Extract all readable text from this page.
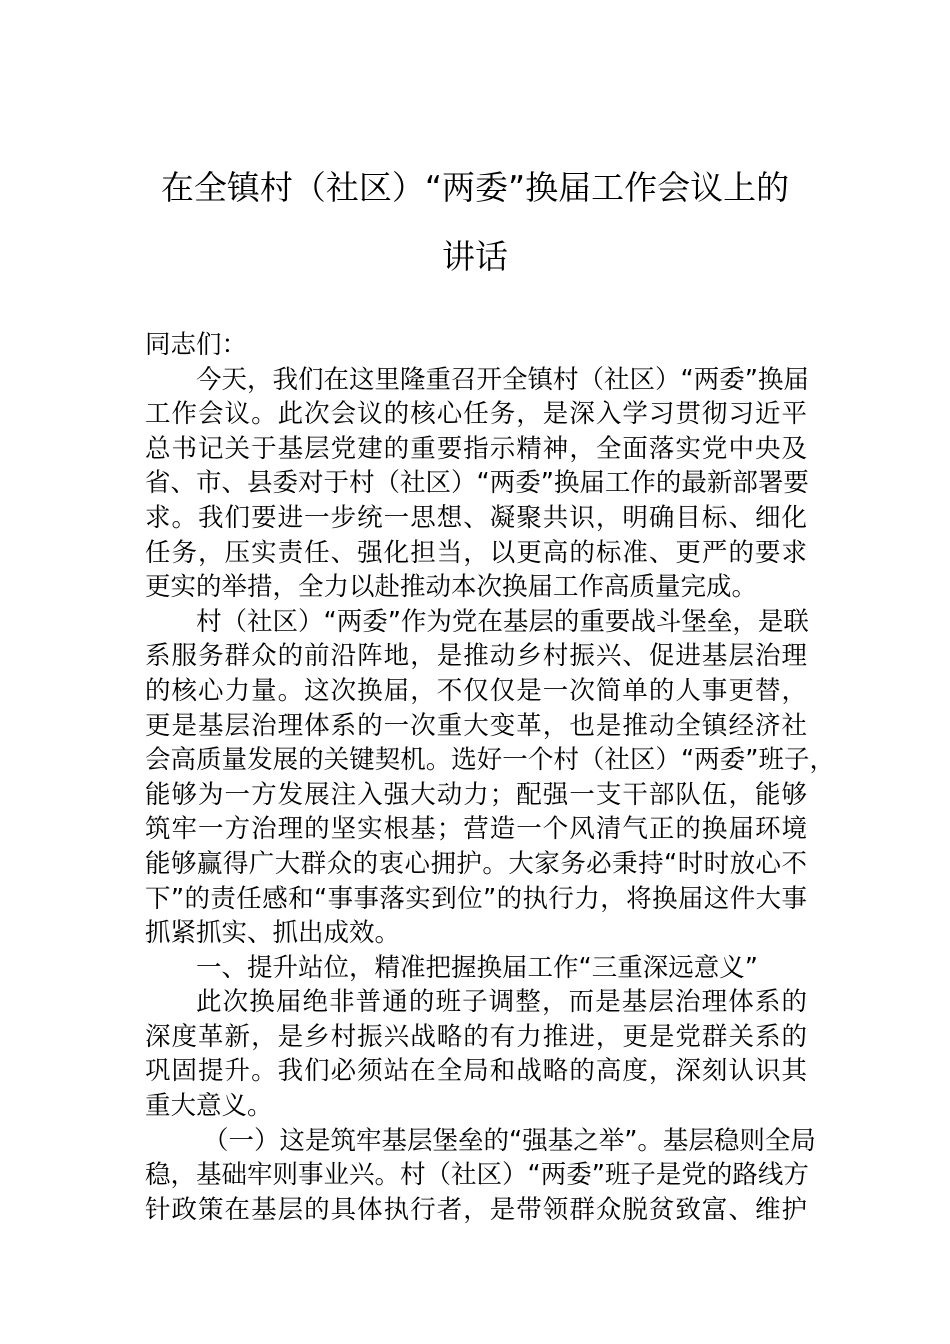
在全镇村（社区）“两委”换届工作会议上的
讲话
同志们：
今天，我们在这里隆重召开全镇村（社区）“两委”换届
工作会议。此次会议的核心任务，是深入学习贯彻习近平
总书记关于基层党建的重要指示精神，全面落实党中央及
省、市、县委对于村（社区）“两委”换届工作的最新部署要
求。我们要进一步统一思想、凝聚共识，明确目标、细化
任务，压实责任、强化担当，以更高的标准、更严的要求
更实的举措，全力以赴推动本次换届工作高质量完成。
村（社区）“两委”作为党在基层的重要战斗堡垒，是联
系服务群众的前沿阵地，是推动乡村振兴、促进基层治理
的核心力量。这次换届，不仅仅是一次简单的人事更替，
更是基层治理体系的一次重大变革，也是推动全镇经济社
会高质量发展的关键契机。选好一个村（社区）“两委”班子，
能够为一方发展注入强大动力；配强一支干部队伍，能够
筑牢一方治理的坚实根基；营造一个风清气正的换届环境
能够赢得广大群众的衷心拥护。大家务必秉持“时时放心不
下”的责任感和“事事落实到位”的执行力，将换届这件大事
抓紧抓实、抓出成效。
一、提升站位，精准把握换届工作“三重深远意义”
此次换届绝非普通的班子调整，而是基层治理体系的
深度革新，是乡村振兴战略的有力推进，更是党群关系的
巩固提升。我们必须站在全局和战略的高度，深刻认识其
重大意义。
（一）这是筑牢基层堡垒的“强基之举”。基层稳则全局
稳，基础牢则事业兴。村（社区）“两委”班子是党的路线方
针政策在基层的具体执行者，是带领群众脱贫致富、维护
